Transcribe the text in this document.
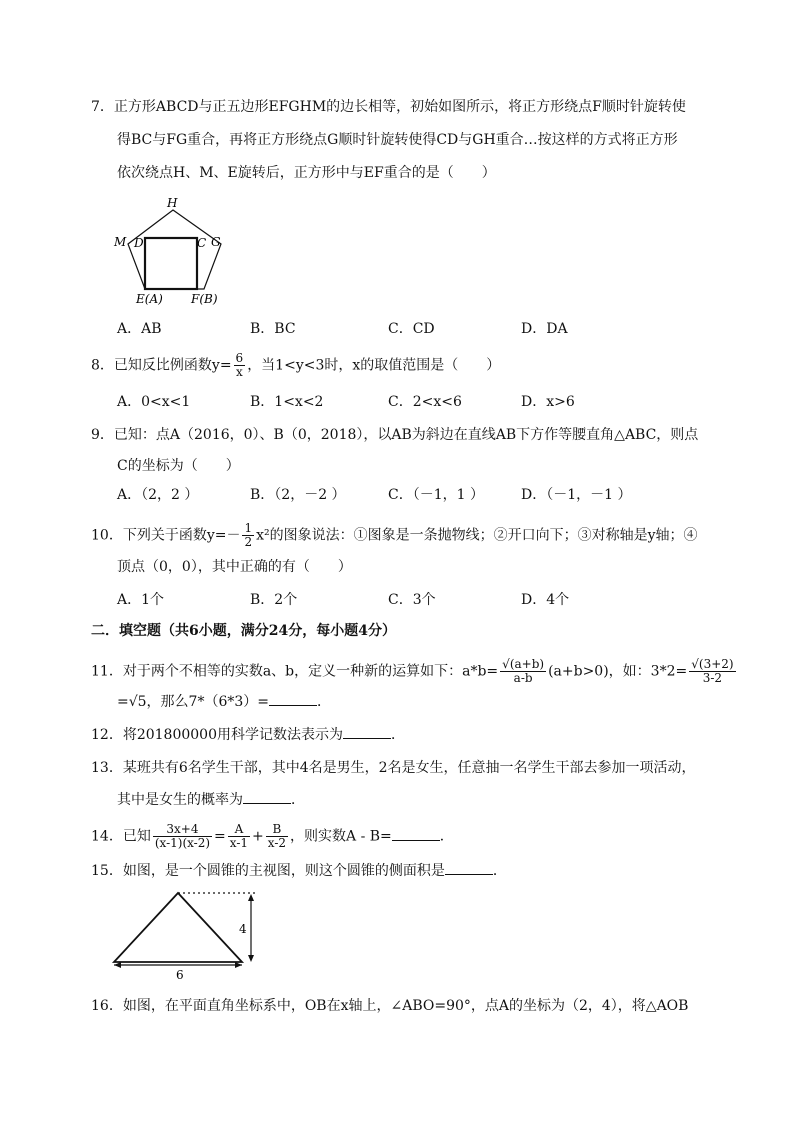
7．正方形ABCD与正五边形EFGHM的边长相等，初始如图所示，将正方形绕点F顺时针旋转使
得BC与FG重合，再将正方形绕点G顺时针旋转使得CD与GH重合…按这样的方式将正方形
依次绕点H、M、E旋转后，正方形中与EF重合的是（　　）
H
M D	C G
E(A) F(B)
A．AB	B．BC	C．CD	D．DA
8．已知反比例函数$y= \frac{6}{x}$ ，当1<y<3时，x的取值范围是（　　）
A．0<x<1	B．1<x<2	C．2<x<6	D．x>6
9．已知：点A（2016，0）、B（0，2018），以AB为斜边在直线AB下方作等腰直角△ABC，则点
C的坐标为（　　）
A．（2，2 ）	B．（2，－2 ）	C．（－1，1 ）	D．（－1，－1 ）
10．下列关于函数$y=- \frac{1}{2} x^2$的图象说法：①图象是一条抛物线；②开口向下；③对称轴是y轴；④
顶点（0，0），其中正确的有（　　）
A．1个	B．2个	C．3个	D．4个
二．填空题（共6小题，满分24分，每小题4分）
11．对于两个不相等的实数a、b，定义一种新的运算如下：$a*b= \frac{√(a+b)}{a-b} (a+b>0)$，如：$3*2= \frac{√(3+2)}{3-2}$
=√5，那么7*（6*3）=	．
12．将201800000用科学记数法表示为	．
13．某班共有6名学生干部，其中4名是男生，2名是女生，任意抽一名学生干部去参加一项活动，
其中是女生的概率为	．
14．已知 $\frac{3x+4}{(x-1)(x-2)} = \frac{A}{x-1} + \frac{B}{x-2}$ ，则实数A - B=	．
15．如图，是一个圆锥的主视图，则这个圆锥的侧面积是	．
4
6
16．如图，在平面直角坐标系中，OB在x轴上，∠ABO=90°，点A的坐标为（2，4），将△AOB
